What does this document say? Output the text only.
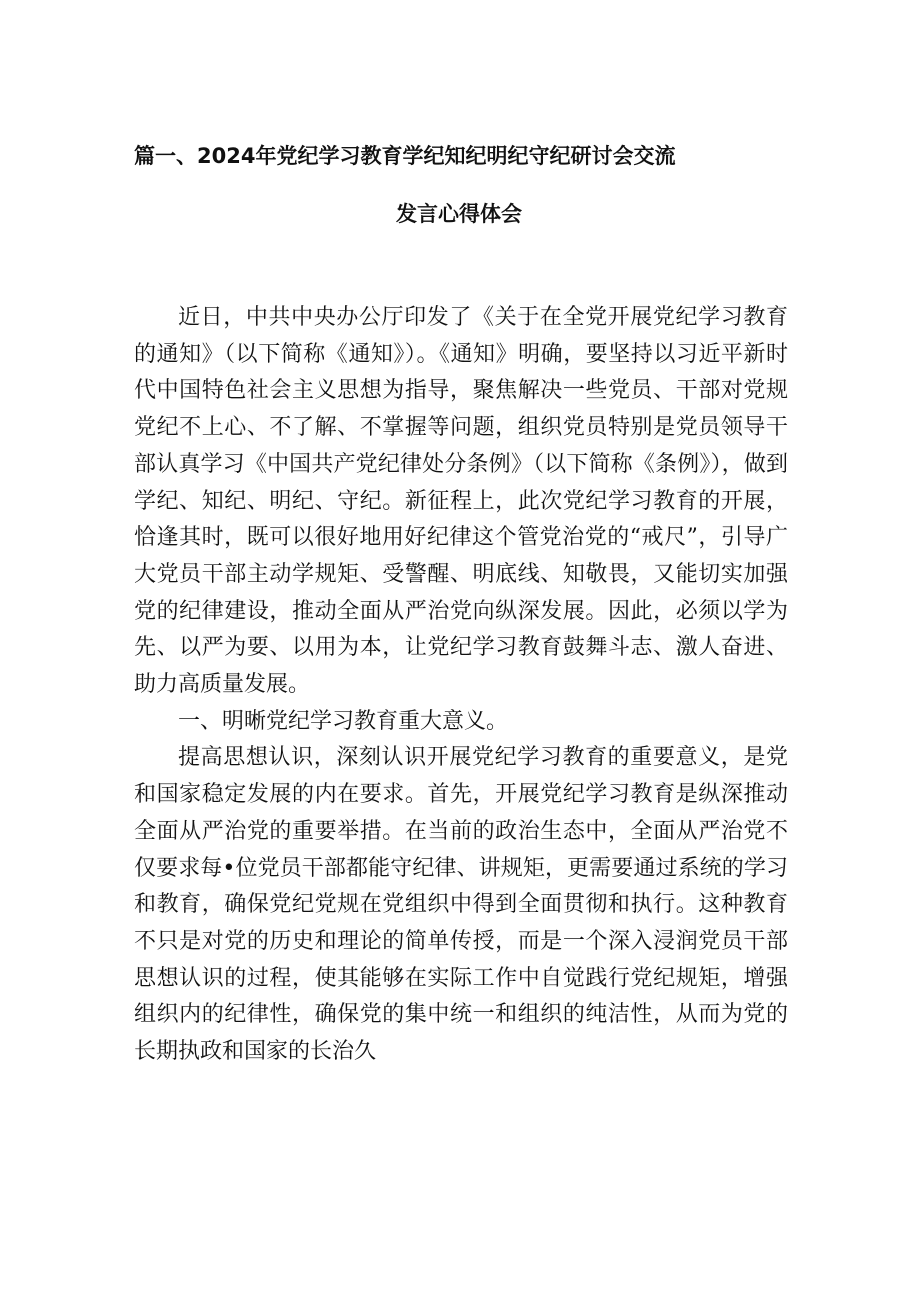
篇一、2024年党纪学习教育学纪知纪明纪守纪研讨会交流
发言心得体会

近日，中共中央办公厅印发了《关于在全党开展党纪学习教育的通知》（以下简称《通知》）。《通知》明确，要坚持以习近平新时代中国特色社会主义思想为指导，聚焦解决一些党员、干部对党规党纪不上心、不了解、不掌握等问题，组织党员特别是党员领导干部认真学习《中国共产党纪律处分条例》（以下简称《条例》），做到学纪、知纪、明纪、守纪。新征程上，此次党纪学习教育的开展，恰逢其时，既可以很好地用好纪律这个管党治党的“戒尺”，引导广大党员干部主动学规矩、受警醒、明底线、知敬畏，又能切实加强党的纪律建设，推动全面从严治党向纵深发展。因此，必须以学为先、以严为要、以用为本，让党纪学习教育鼓舞斗志、激人奋进、助力高质量发展。

一、明晰党纪学习教育重大意义。

提高思想认识，深刻认识开展党纪学习教育的重要意义，是党和国家稳定发展的内在要求。首先，开展党纪学习教育是纵深推动全面从严治党的重要举措。在当前的政治生态中，全面从严治党不仅要求每•位党员干部都能守纪律、讲规矩，更需要通过系统的学习和教育，确保党纪党规在党组织中得到全面贯彻和执行。这种教育不只是对党的历史和理论的简单传授，而是一个深入浸润党员干部思想认识的过程，使其能够在实际工作中自觉践行党纪规矩，增强组织内的纪律性，确保党的集中统一和组织的纯洁性，从而为党的长期执政和国家的长治久
